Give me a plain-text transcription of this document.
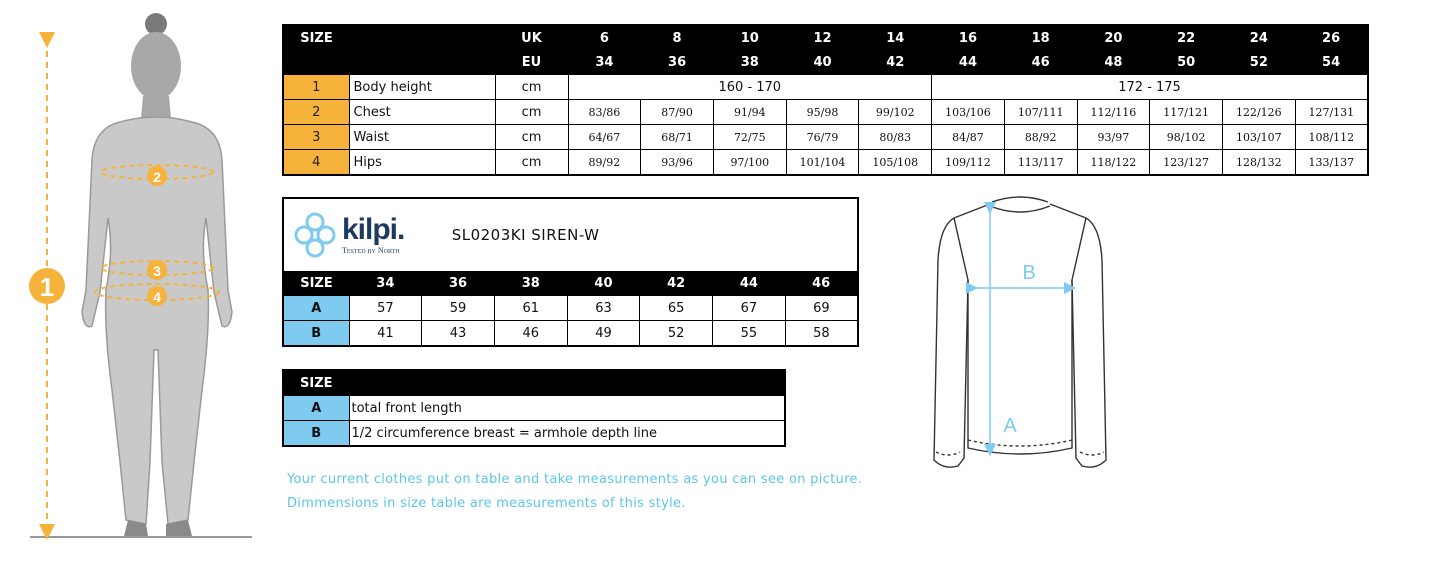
1
2
3
4
SIZE		UK	6	8	10	12	14	16	18	20	22	24	26
		EU	34	36	38	40	42	44	46	48	50	52	54
1	Body height	cm	160 - 170					172 - 175					
2	Chest	cm	83/86	87/90	91/94	95/98	99/102	103/106	107/111	112/116	117/121	122/126	127/131
3	Waist	cm	64/67	68/71	72/75	76/79	80/83	84/87	88/92	93/97	98/102	103/107	108/112
4	Hips	cm	89/92	93/96	97/100	101/104	105/108	109/112	113/117	118/122	123/127	128/132	133/137
kilpi.
Tested by North		SL0203KI SIREN-W					
SIZE	34	36	38	40	42	44	46
A	57	59	61	63	65	67	69
B	41	43	46	49	52	55	58
SIZE	
A	total front length
B	1/2 circumference breast = armhole depth line
Your current clothes put on table and take measurements as you can see on picture.
Dimmensions in size table are measurements of this style.
B
A
